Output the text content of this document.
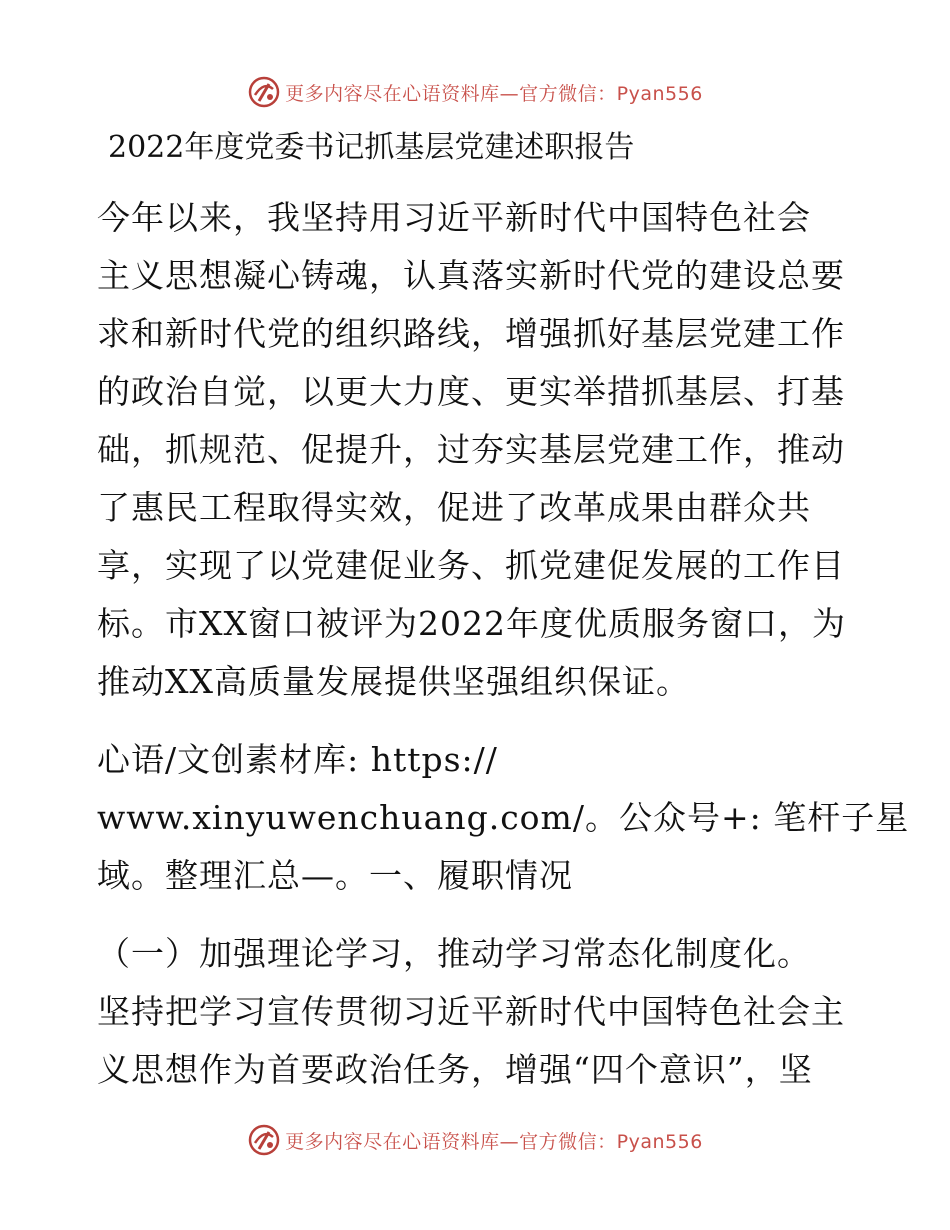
更多内容尽在心语资料库—官方微信：Pyan556
2022年度党委书记抓基层党建述职报告
今年以来，我坚持用习近平新时代中国特色社会
主义思想凝心铸魂，认真落实新时代党的建设总要
求和新时代党的组织路线，增强抓好基层党建工作
的政治自觉，以更大力度、更实举措抓基层、打基
础，抓规范、促提升，过夯实基层党建工作，推动
了惠民工程取得实效，促进了改革成果由群众共
享，实现了以党建促业务、抓党建促发展的工作目
标。市XX窗口被评为2022年度优质服务窗口，为
推动XX高质量发展提供坚强组织保证。
心语/文创素材库: https://
www.xinyuwenchuang.com/。公众号+: 笔杆子星
域。整理汇总—。一、履职情况
（一）加强理论学习，推动学习常态化制度化。
坚持把学习宣传贯彻习近平新时代中国特色社会主
义思想作为首要政治任务，增强“四个意识”，坚
更多内容尽在心语资料库—官方微信：Pyan556
